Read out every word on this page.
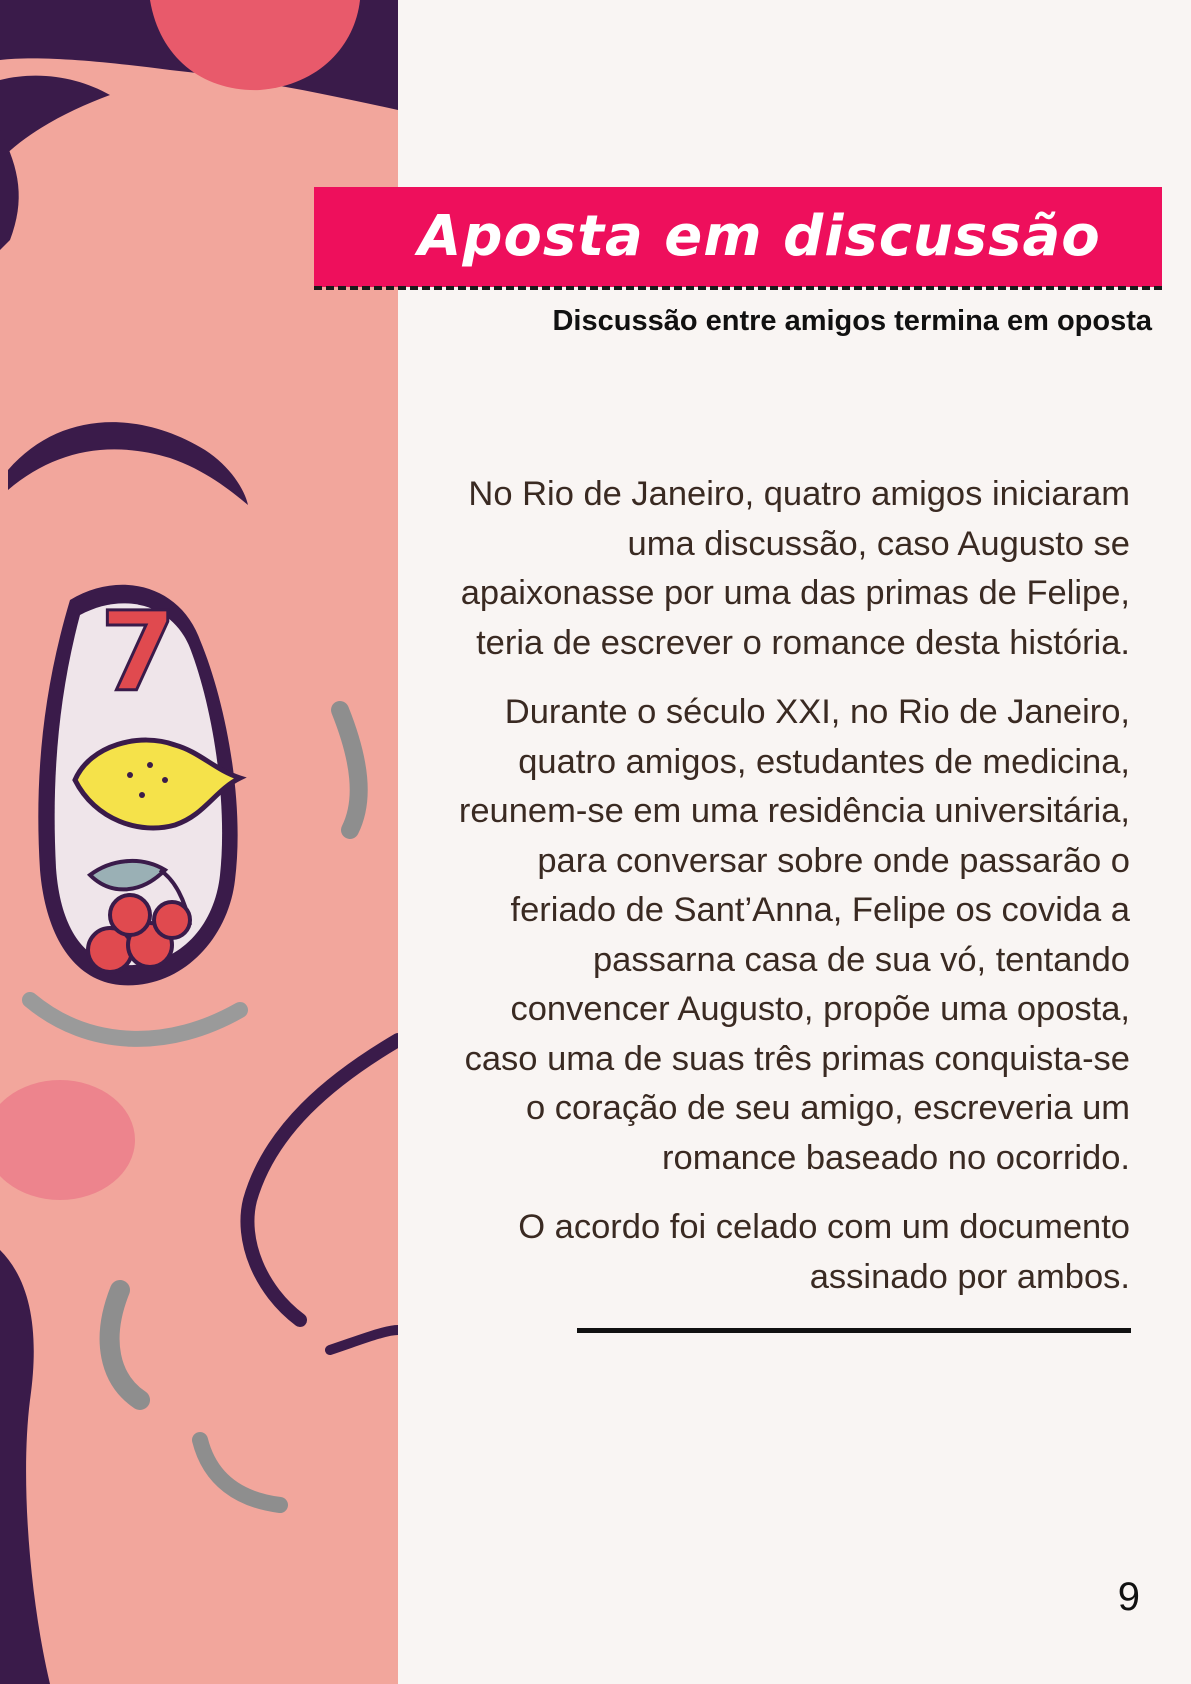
7
Aposta em discussão
Discussão entre amigos termina em oposta

No Rio de Janeiro, quatro amigos iniciaram uma discussão, caso Augusto se apaixonasse por uma das primas de Felipe, teria de escrever o romance desta história.

Durante o século XXI, no Rio de Janeiro, quatro amigos, estudantes de medicina, reunem-se em uma residência universitária, para conversar sobre onde passarão o feriado de Sant’Anna, Felipe os covida a passarna casa de sua vó, tentando convencer Augusto, propõe uma oposta, caso uma de suas três primas conquista-se o coração de seu amigo, escreveria um romance baseado no ocorrido.

O acordo foi celado com um documento assinado por ambos.

9
